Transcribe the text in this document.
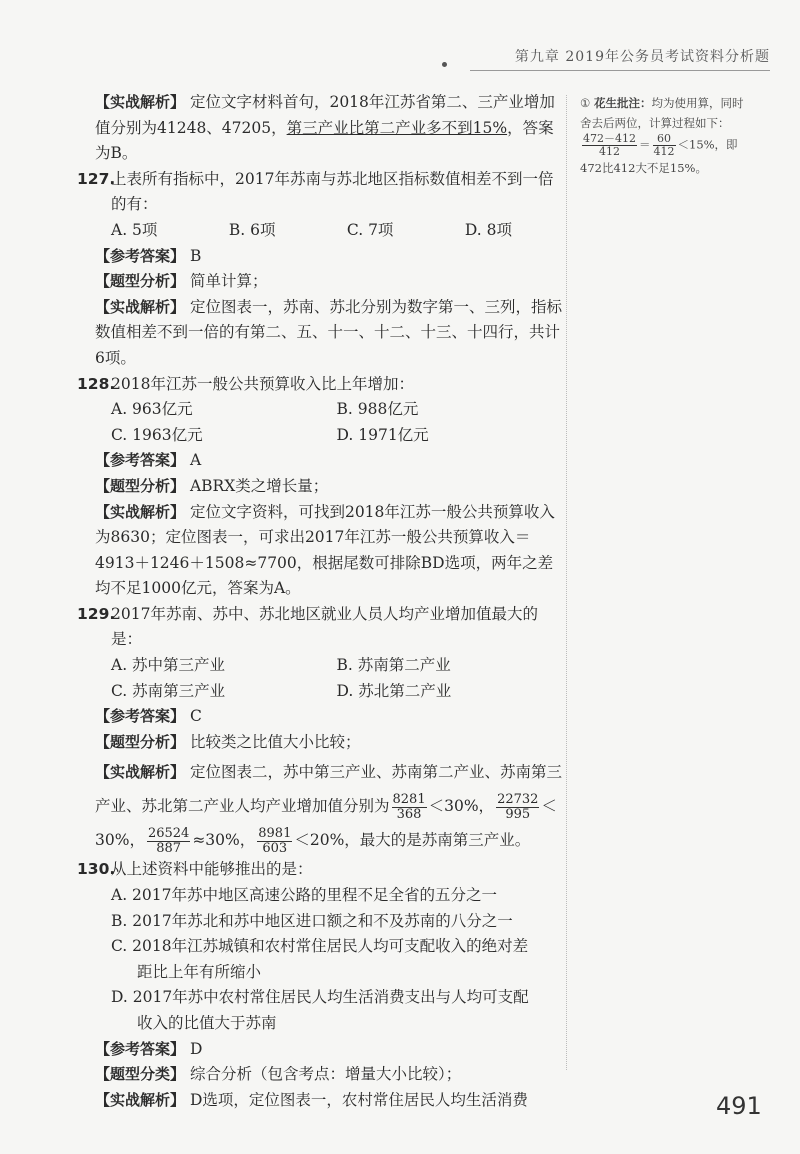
第九章 2019年公务员考试资料分析题

【实战解析】 定位文字材料首句，2018年江苏省第二、三产业增加值分别为41248、47205，第三产业比第二产业多不到15%，答案为B。

127.
上表所有指标中，2017年苏南与苏北地区指标数值相差不到一倍的有：
A. 5项	B. 6项	C. 7项	D. 8项

【参考答案】 B

【题型分析】 简单计算；

【实战解析】 定位图表一，苏南、苏北分别为数字第一、三列，指标数值相差不到一倍的有第二、五、十一、十二、十三、十四行，共计6项。

128.
2018年江苏一般公共预算收入比上年增加：
A. 963亿元	B. 988亿元
C. 1963亿元	D. 1971亿元

【参考答案】 A

【题型分析】 ABRX类之增长量；

【实战解析】 定位文字资料，可找到2018年江苏一般公共预算收入为8630；定位图表一，可求出2017年江苏一般公共预算收入＝4913＋1246＋1508≈7700，根据尾数可排除BD选项，两年之差均不足1000亿元，答案为A。

129.
2017年苏南、苏中、苏北地区就业人员人均产业增加值最大的是：
A. 苏中第三产业	B. 苏南第二产业
C. 苏南第三产业	D. 苏北第二产业

【参考答案】 C

【题型分析】 比较类之比值大小比较；

【实战解析】 定位图表二，苏中第三产业、苏南第二产业、苏南第三产业、苏北第二产业人均产业增加值分别为 $\frac{8281}{368} <30\%$， $\frac{22732}{995} <30\%$， $\frac{26524}{887} \approx 30\%$， $\frac{8981}{603} <20\%$，最大的是苏南第三产业。

130.
从上述资料中能够推出的是：
A. 2017年苏中地区高速公路的里程不足全省的五分之一
B. 2017年苏北和苏中地区进口额之和不及苏南的八分之一
C. 2018年江苏城镇和农村常住居民人均可支配收入的绝对差
距比上年有所缩小
D. 2017年苏中农村常住居民人均生活消费支出与人均可支配
收入的比值大于苏南

【参考答案】 D

【题型分类】 综合分析（包含考点：增量大小比较）；

【实战解析】 D选项，定位图表一，农村常住居民人均生活消费

① 花生批注：均为使用算，同时舍去后两位，计算过程如下：
$\frac{472-412}{412} = \frac{60}{412} <15\%$，即
472比412大不足15%。
491
